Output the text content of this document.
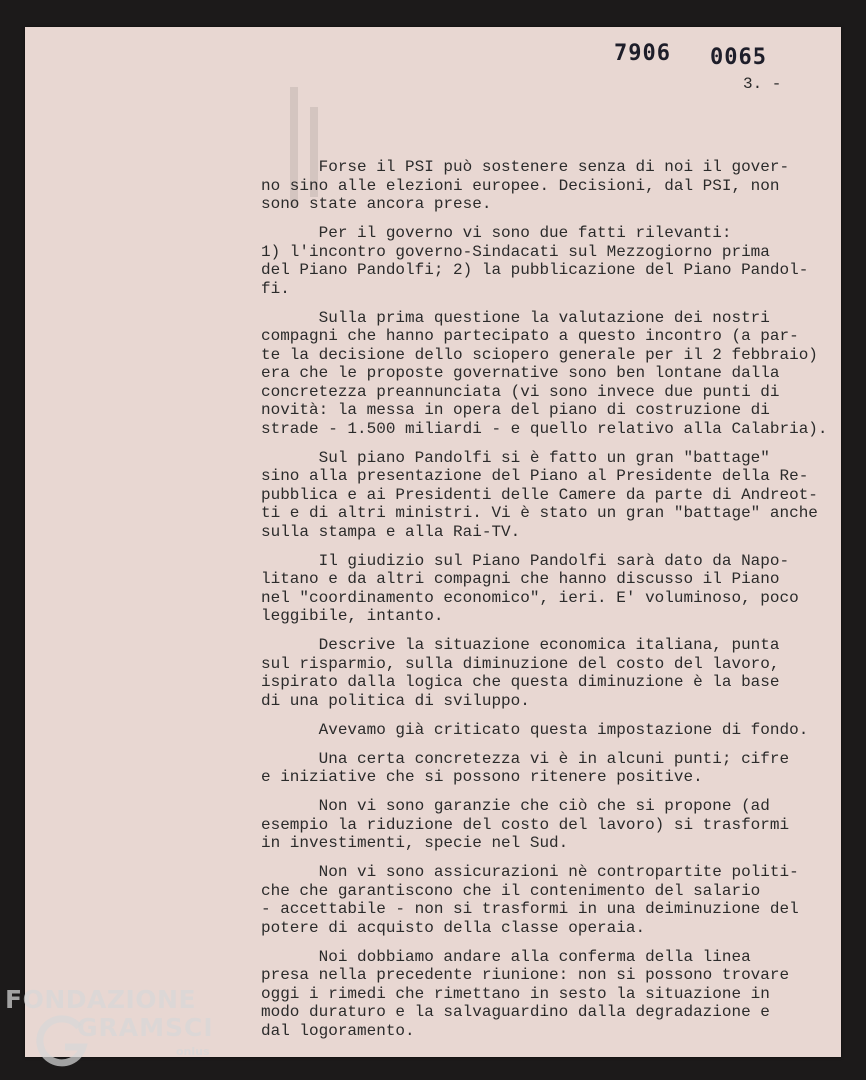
7906 0065
3. -
Forse il PSI può sostenere senza di noi il gover-
no sino alle elezioni europee. Decisioni, dal PSI, non
sono state ancora prese.
Per il governo vi sono due fatti rilevanti:
1) l'incontro governo-Sindacati sul Mezzogiorno prima
del Piano Pandolfi; 2) la pubblicazione del Piano Pandol-
fi.
Sulla prima questione la valutazione dei nostri
compagni che hanno partecipato a questo incontro (a par-
te la decisione dello sciopero generale per il 2 febbraio)
era che le proposte governative sono ben lontane dalla
concretezza preannunciata (vi sono invece due punti di
novità: la messa in opera del piano di costruzione di
strade - 1.500 miliardi - e quello relativo alla Calabria).
Sul piano Pandolfi si è fatto un gran "battage"
sino alla presentazione del Piano al Presidente della Re-
pubblica e ai Presidenti delle Camere da parte di Andreot-
ti e di altri ministri. Vi è stato un gran "battage" anche
sulla stampa e alla Rai-TV.
Il giudizio sul Piano Pandolfi sarà dato da Napo-
litano e da altri compagni che hanno discusso il Piano
nel "coordinamento economico", ieri. E' voluminoso, poco
leggibile, intanto.
Descrive la situazione economica italiana, punta
sul risparmio, sulla diminuzione del costo del lavoro,
ispirato dalla logica che questa diminuzione è la base
di una politica di sviluppo.
Avevamo già criticato questa impostazione di fondo.
Una certa concretezza vi è in alcuni punti; cifre
e iniziative che si possono ritenere positive.
Non vi sono garanzie che ciò che si propone (ad
esempio la riduzione del costo del lavoro) si trasformi
in investimenti, specie nel Sud.
Non vi sono assicurazioni nè contropartite politi-
che che garantiscono che il contenimento del salario
- accettabile - non si trasformi in una deiminuzione del
potere di acquisto della classe operaia.
Noi dobbiamo andare alla conferma della linea
presa nella precedente riunione: non si possono trovare
oggi i rimedi che rimettano in sesto la situazione in
modo duraturo e la salvaguardino dalla degradazione e
dal logoramento.
FONDAZIONE
GRAMSCI
onlus
